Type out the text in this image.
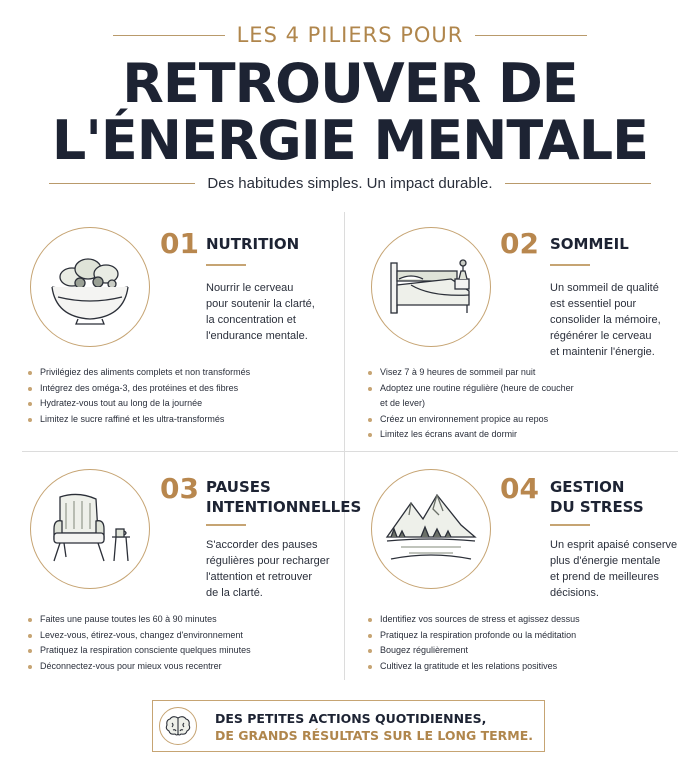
LES 4 PILIERS POUR
RETROUVER DE
L'ÉNERGIE MENTALE
Des habitudes simples. Un impact durable.
01 NUTRITION
Nourrir le cerveau
pour soutenir la clarté,
la concentration et
l'endurance mentale.
Privilégiez des aliments complets et non transformés
Intégrez des oméga-3, des protéines et des fibres
Hydratez-vous tout au long de la journée
Limitez le sucre raffiné et les ultra-transformés
02 SOMMEIL
Un sommeil de qualité
est essentiel pour
consolider la mémoire,
régénérer le cerveau
et maintenir l'énergie.
Visez 7 à 9 heures de sommeil par nuit
Adoptez une routine régulière (heure de coucher
et de lever)
Créez un environnement propice au repos
Limitez les écrans avant de dormir
03 PAUSES
INTENTIONNELLES
S'accorder des pauses
régulières pour recharger
l'attention et retrouver
de la clarté.
Faites une pause toutes les 60 à 90 minutes
Levez-vous, étirez-vous, changez d'environnement
Pratiquez la respiration consciente quelques minutes
Déconnectez-vous pour mieux vous recentrer
04 GESTION
DU STRESS
Un esprit apaisé conserve
plus d'énergie mentale
et prend de meilleures
décisions.
Identifiez vos sources de stress et agissez dessus
Pratiquez la respiration profonde ou la méditation
Bougez régulièrement
Cultivez la gratitude et les relations positives
DES PETITES ACTIONS QUOTIDIENNES,
DE GRANDS RÉSULTATS SUR LE LONG TERME.
